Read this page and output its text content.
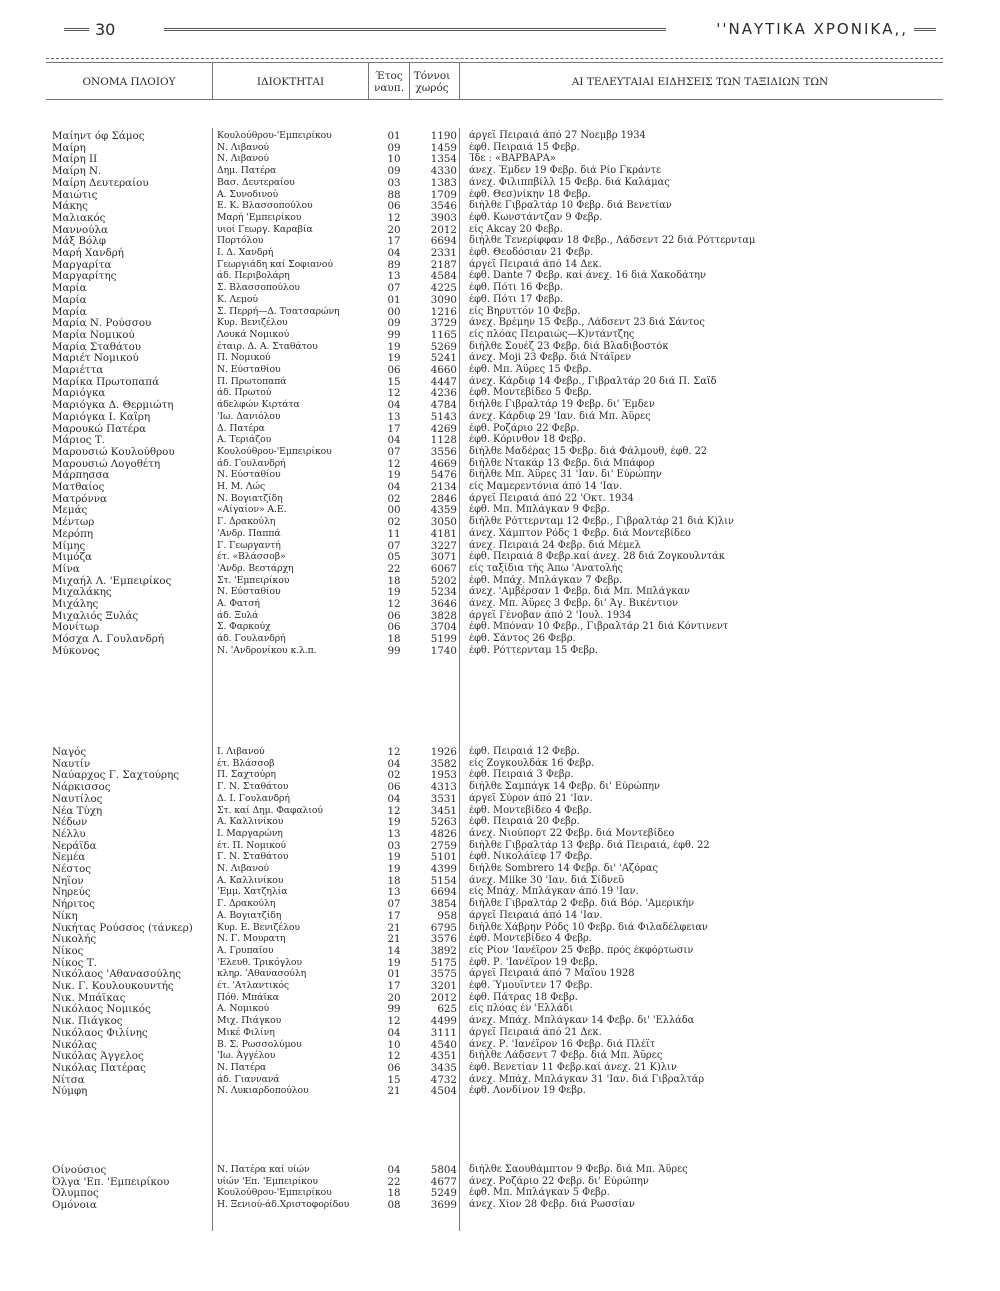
30	''ΝΑΥΤΙΚΑ ΧΡΟΝΙΚΑ,,
ΟΝΟΜΑ ΠΛΟΙΟΥ	ΙΔΙΟΚΤΗΤΑΙ	Έτος ναυπ.
Τόννοι χωρός	ΑΙ ΤΕΛΕΥΤΑΙΑΙ ΕΙΔΗΣΕΙΣ ΤΩΝ ΤΑΞΙΔΙΩΝ ΤΩΝ
Μαίηντ όφ Σάμος	Κουλούθρου-'Εμπειρίκου	01	1190 άργεΐ Πειραιά άπό 27 Νοεμβρ 1934
Μαίρη	Ν. Λιβανού	09	1459 έφθ. Πειραιά 15 Φεβρ.
Μαίρη ΙΙ	Ν. Λιβανού	10	1354 Ίδε : «ΒΑΡΒΑΡΑ»
Μαίρη Ν.	Δημ. Πατέρα	09	4330 άνεχ. Έμδεν 19 Φεβρ. διά Ρίο Γκράντε
Μαίρη Δευτεραίου	Βασ. Δευτεραίου	03	1383 άνεχ. Φιλιππβίλλ 15 Φεβρ. διά Καλάμας
Μαιώτις	Α. Συνοδινού	88	1709 έφθ. Θεσ)νίκην 18 Φεβρ.
Μάκης	Ε. Κ. Βλασσοπούλου	06	3546 διήλθε Γιβραλτάρ 10 Φεβρ. διά Βενετίαν
Μαλιακός	Μαρή 'Εμπειρίκου	12	3903 έφθ. Κωνστάντζαν 9 Φεβρ.
Μαννούλα	υιοί Γεωργ. Καραβία	20	2012 είς Akcay 20 Φεβρ.
Μάξ Βόλφ	Πορτόλου	17	6694 διήλθε Τενερίφφαν 18 Φεβρ., Λάδσεντ 22 διά Ρόττερνταμ
Μαρή Χανδρή	Ι. Δ. Χανδρή	04	2331 έφθ. Θεοδόσιαν 21 Φεβρ.
Μαργαρίτα	Γεωργιάδη καί Σοφιανού	89	2187 άργεΐ Πειραιά άπό 14 Δεκ.
Μαργαρίτης	άδ. Περιβολάρη	13	4584 έφθ. Dante 7 Φεβρ. καί άνεχ. 16 διά Χακοδάτην
Μαρία	Σ. Βλασσοπούλου	07	4225 έφθ. Πότι 16 Φεβρ.
Μαρία	Κ. Λεμού	01	3090 έφθ. Πότι 17 Φεβρ.
Μαρία	Σ. Περρή—Δ. Τσατσαρώνη	00	1216 είς Βηρυττόν 10 Φεβρ.
Μαρία Ν. Ρούσσου	Κυρ. Βενιζέλου	09	3729 άνεχ. Βρέμην 15 Φεβρ., Λάδσεντ 23 διά Σάντος
Μαρία Νομικού	Λουκά Νομικού	99	1165 είς πλόας Πειραιώς—Κ)ντάντζης
Μαρία Σταθάτου	έταιρ. Δ. Α. Σταθάτου	19	5269 διήλθε Σουέζ 23 Φεβρ. διά Βλαδιβοστόκ
Μαριέτ Νομικού	Π. Νομικού	19	5241 άνεχ. Moji 23 Φεβρ. διά Ντάϊρεν
Μαριέττα	Ν. Εύσταθίου	06	4660 έφθ. Μπ. Άϋρες 15 Φεβρ.
Μαρίκα Πρωτοπαπά	Π. Πρωτοπαπά	15	4447 άνεχ. Κάρδιφ 14 Φεβρ., Γιβραλτάρ 20 διά Π. Σαΐδ
Μαριόγκα	άδ. Πρωτού	12	4236 έφθ. Μοντεβίδεο 5 Φεβρ.
Μαριόγκα Δ. Θερμιώτη	άδελφών Κιρτάτα	04	4784 διήλθε Γιβραλτάρ 19 Φεβρ. δι' Έμδεν
Μαριόγκα Ι. Καΐρη	'Ιω. Δανιόλου	13	5143 άνεχ. Κάρδιφ 29 'Ιαν. διά Μπ. Άϋρες
Μαρουκώ Πατέρα	Δ. Πατέρα	17	4269 έφθ. Ροζάριο 22 Φεβρ.
Μάριος Τ.	Α. Τεριάζου	04	1128 έφθ. Κόρινθον 18 Φεβρ.
Μαρουσιώ Κουλούθρου	Κουλούθρου-'Εμπειρίκου	07	3556 διήλθε Μαδέρας 15 Φεβρ. διά Φάλμουθ, έφθ. 22
Μαρουσιώ Λογοθέτη	άδ. Γουλανδρή	12	4669 διήλθε Ντακάρ 13 Φεβρ. διά Μπάφορ
Μάρπησσα	Ν. Εύσταθίου	19	5476 διήλθε Μπ. Άϋρες 31 'Ιαν. δι' Εύρώπην
Ματθαίος	Η. Μ. Λώς	04	2134 είς Μαμερεντόνια άπό 14 'Ιαν.
Ματρόννα	Ν. Βογιατζίδη	02	2846 άργεΐ Πειραιά άπό 22 'Οκτ. 1934
Μεμάς	«Αίγαίον» Α.Ε.	00	4359 έφθ. Μπ. Μπλάγκαν 9 Φεβρ.
Μέντωρ	Γ. Δρακούλη	02	3050 διήλθε Ρόττερνταμ 12 Φεβρ., Γιβραλτάρ 21 διά Κ)λιν
Μερόπη	'Ανδρ. Παππά	11	4181 άνεχ. Χάμπτον Ρόδς 1 Φεβρ. διά Μοντεβίδεο
Μίμης	Γ. Γεωργαντή	07	3227 άνεχ. Πειραιά 24 Φεβρ. διά Μέμελ
Μιμόζα	έτ. «Βλάσσοβ»	05	3071 έφθ. Πειραιά 8 Φεβρ.καί άνεχ. 28 διά Ζογκουλντάκ
Μίνα	'Ανδρ. Βεστάρχη	22	6067 είς ταξίδια τής Άπω 'Ανατολής
Μιχαήλ Λ. 'Εμπειρίκος	Στ. 'Εμπειρίκου	18	5202 έφθ. Μπάχ. Μπλάγκαν 7 Φεβρ.
Μιχαλάκης	Ν. Εύσταθίου	19	5234 άνεχ. 'Αμβέρσαν 1 Φεβρ. διά Μπ. Μπλάγκαν
Μιχάλης	Α. Φατσή	12	3646 άνεχ. Μπ. Άϋρες 3 Φεβρ. δι' Άγ. Βικέντιον
Μιχαλιός Ξυλάς	άδ. Ξυλά	06	3828 άργεΐ Γένοβαν άπό 2 'Ιουλ. 1934
Μονίτωρ	Σ. Φαρκούχ	06	3704 έφθ. Μπόναν 10 Φεβρ., Γιβραλτάρ 21 διά Κόντινεντ
Μόσχα Λ. Γουλανδρή	άδ. Γουλανδρή	18	5199 έφθ. Σάντος 26 Φεβρ.
Μύκονος	Ν. 'Ανδρονίκου κ.λ.π.	99	1740 έφθ. Ρόττερνταμ 15 Φεβρ.
Ναγός	Ι. Λιβανού	12	1926 έφθ. Πειραιά 12 Φεβρ.
Ναυτίν	έτ. Βλάσσοβ	04	3582 είς Ζογκουλδάκ 16 Φεβρ.
Ναύαρχος Γ. Σαχτούρης	Π. Σαχτούρη	02	1953 έφθ. Πειραιά 3 Φεβρ.
Νάρκισσος	Γ. Ν. Σταθάτου	06	4313 διήλθε Σαμπάγκ 14 Φεβρ. δι' Εύρώπην
Ναυτίλος	Δ. Ι. Γουλανδρή	04	3531 άργεΐ Σύρον άπό 21 'Ιαν.
Νέα Τύχη	Στ. καί Δημ. Φαφαλιού	12	3451 έφθ. Μοντεβίδεο 4 Φεβρ.
Νέδων	Α. Καλλινίκου	19	5263 έφθ. Πειραιά 20 Φεβρ.
Νέλλυ	Ι. Μαργαρώνη	13	4826 άνεχ. Νιούπορτ 22 Φεβρ. διά Μοντεβίδεο
Νεράϊδα	έτ. Π. Νομικού	03	2759 διήλθε Γιβραλτάρ 13 Φεβρ. διά Πειραιά, έφθ. 22
Νεμέα	Γ. Ν. Σταθάτου	19	5101 έφθ. Νικολάϊεφ 17 Φεβρ.
Νέστος	Ν. Λιβανού	19	4399 διήλθε Sombrero 14 Φεβρ. δι' 'Αζόρας
Νηΐον	Α. Καλλινίκου	18	5154 άνεχ. Miike 30 'Ιαν. διά Σίδνεϋ
Νηρεύς	'Εμμ. Χατζηλία	13	6694 είς Μπάχ. Μπλάγκαν άπό 19 'Ιαν.
Νήριτος	Γ. Δρακούλη	07	3854 διήλθε Γιβραλτάρ 2 Φεβρ. διά Βόρ. 'Αμερικήν
Νίκη	Α. Βογιατζίδη	17	958 άργεΐ Πειραιά άπό 14 'Ιαν.
Νικήτας Ρούσσος (τάνκερ)	Κυρ. Ε. Βενιζέλου	21	6795 διήλθε Χάβρην Ρόδς 10 Φεβρ. διά Φιλαδέλφειαν
Νικολής	Ν. Γ. Μουρατη	21	3576 έφθ. Μοντεβίδεο 4 Φεβρ.
Νίκος	Α. Γρυπαίου	14	3892 είς Ρίον 'Ιανέϊρον 25 Φεβρ. πρός έκφόρτωσιν
Νίκος Τ.	'Ελευθ. Τρικόγλου	19	5175 έφθ. Ρ. 'Ιανέϊρον 19 Φεβρ.
Νικόλαος 'Αθανασούλης	κληρ. 'Αθανασούλη	01	3575 άργεΐ Πειραιά άπό 7 Μαΐου 1928
Νικ. Γ. Κουλουκουντής	έτ. 'Ατλαντικός	17	3201 έφθ. Ύμουϊντεν 17 Φεβρ.
Νικ. Μπάϊκας	Πόθ. Μπάϊκα	20	2012 έφθ. Πάτρας 18 Φεβρ.
Νικόλαος Νομικός	Α. Νομικού	99	625 είς πλόας έν 'Ελλάδι
Νικ. Πιάγκος	Μιχ. Πιάγκου	12	4499 άνεχ. Μπάχ. Μπλάγκαν 14 Φεβρ. δι' 'Ελλάδα
Νικόλαος Φιλίνης	Μικέ Φιλίνη	04	3111 άργεΐ Πειραιά άπό 21 Δεκ.
Νικόλας	Β. Σ. Ρωσσολύμου	10	4540 άνεχ. Ρ. 'Ιανέϊρον 16 Φεβρ. διά Πλέϊτ
Νικόλας Άγγελος	'Ιω. Άγγέλου	12	4351 διήλθε Λάδσεντ 7 Φεβρ. διά Μπ. Άϋρες
Νικόλας Πατέρας	Ν. Πατέρα	06	3435 έφθ. Βενετίαν 11 Φεβρ.καί άνεχ. 21 Κ)λιν
Νίτσα	άδ. Γιαννανά	15	4732 άνεχ. Μπάχ. Μπλάγκαν 31 'Ιαν. διά Γιβραλτάρ
Νύμφη	Ν. Λυκιαρδοπούλου	21	4504 έφθ. Λονδίνον 19 Φεβρ.
Οίνούσιος	Ν. Πατέρα καί υίών	04	5804 διήλθε Σαουθάμπτον 9 Φεβρ. διά Μπ. Άϋρες
Όλγα 'Επ. 'Εμπειρίκου	υίών 'Επ. 'Εμπειρίκου	22	4677 άνεχ. Ροζάριο 22 Φεβρ. δι' Εύρώπην
Όλυμπος	Κουλούθρου-'Εμπειρίκου	18	5249 έφθ. Μπ. Μπλάγκαν 5 Φεβρ.
Ομόνοια	Η. Ξενιού-άδ.Χριστοφορίδου	08	3699 άνεχ. Χίον 28 Φεβρ. διά Ρωσσίαν
